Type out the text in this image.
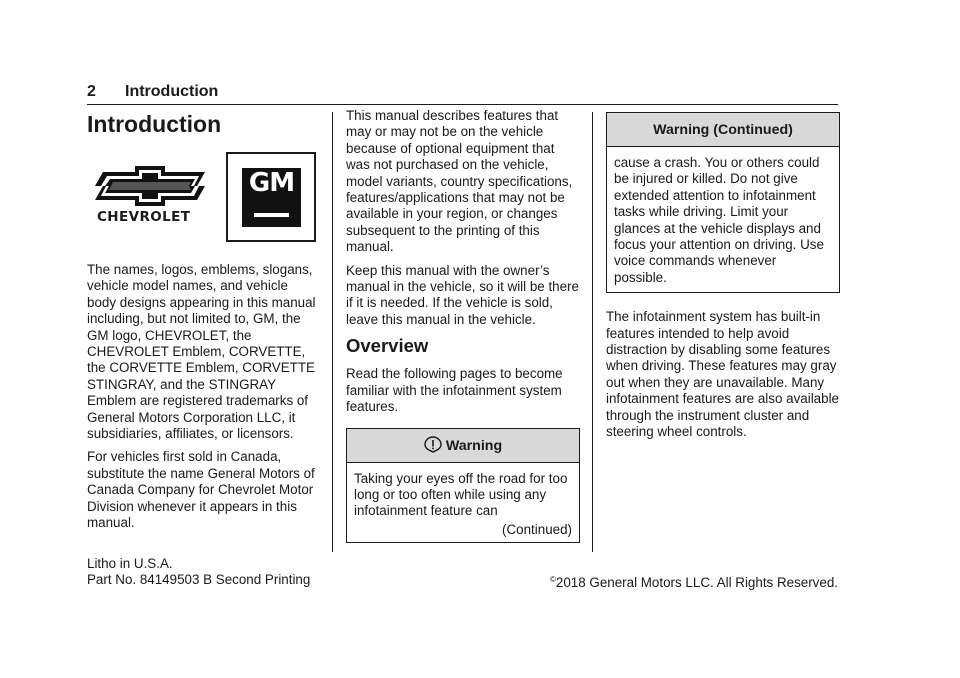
2	Introduction
Introduction
CHEVROLET
GM

The names, logos, emblems, slogans, vehicle model names, and vehicle body designs appearing in this manual including, but not limited to, GM, the GM logo, CHEVROLET, the CHEVROLET Emblem, CORVETTE, the CORVETTE Emblem, CORVETTE STINGRAY, and the STINGRAY Emblem are registered trademarks of General Motors Corporation LLC, it subsidiaries, affiliates, or licensors.

For vehicles first sold in Canada, substitute the name General Motors of Canada Company for Chevrolet Motor Division whenever it appears in this manual.

This manual describes features that may or may not be on the vehicle because of optional equipment that was not purchased on the vehicle, model variants, country specifications, features/applications that may not be available in your region, or changes subsequent to the printing of this manual.

Keep this manual with the owner’s manual in the vehicle, so it will be there if it is needed. If the vehicle is sold, leave this manual in the vehicle.

Overview

Read the following pages to become familiar with the infotainment system features.

Warning

Taking your eyes off the road for too long or too often while using any infotainment feature can

(Continued)

Warning (Continued)

cause a crash. You or others could be injured or killed. Do not give extended attention to infotainment tasks while driving. Limit your glances at the vehicle displays and focus your attention on driving. Use voice commands whenever possible.

The infotainment system has built-in features intended to help avoid distraction by disabling some features when driving. These features may gray out when they are unavailable. Many infotainment features are also available through the instrument cluster and steering wheel controls.

Litho in U.S.A.
Part No. 84149503 B Second Printing	©2018 General Motors LLC. All Rights Reserved.
